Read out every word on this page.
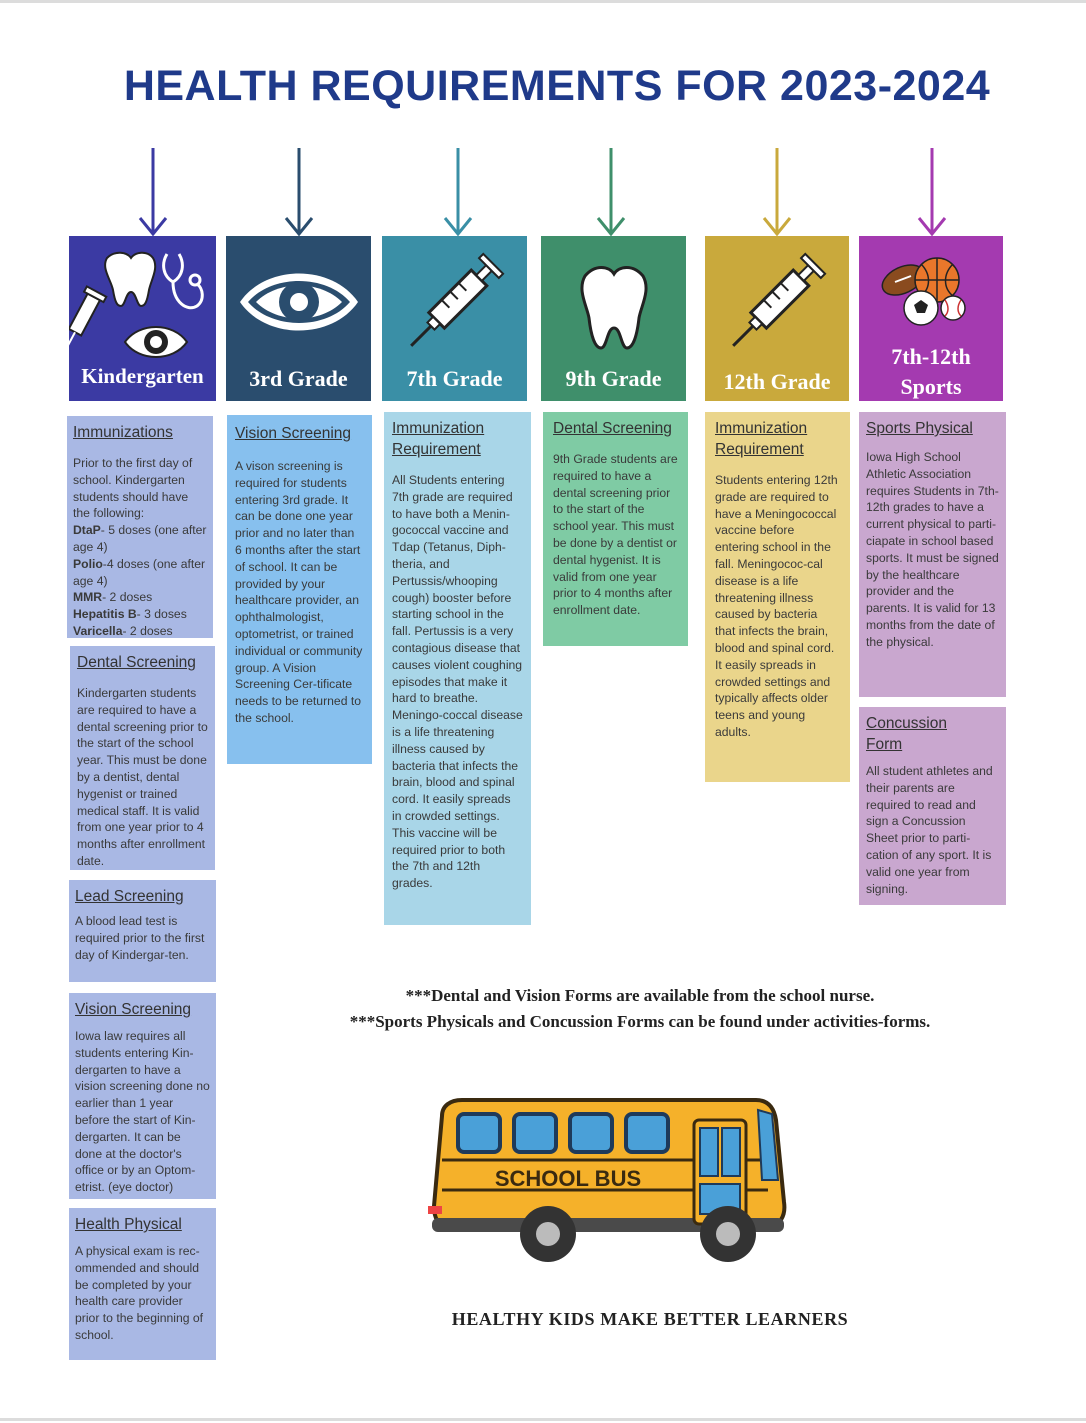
HEALTH REQUIREMENTS FOR 2023-2024
Kindergarten	3rd Grade	7th Grade	9th Grade	12th Grade
7th-12th
Sports
Immunizations
Prior to the first day of school. Kindergarten students should have the following:
DtaP- 5 doses (one after age 4)
Polio-4 doses (one after age 4)
MMR- 2 doses
Hepatitis B- 3 doses
Varicella- 2 doses
Dental Screening
Kindergarten students are required to have a dental screening prior to the start of the school year. This must be done by a dentist, dental hygenist or trained medical staff. It is valid from one year prior to 4 months after enrollment date.
Lead Screening
A blood lead test is required prior to the first day of Kindergar-ten.
Vision Screening
Iowa law requires all students entering Kin-dergarten to have a vision screening done no earlier than 1 year before the start of Kin-dergarten. It can be done at the doctor's office or by an Optom-etrist. (eye doctor)
Health Physical
A physical exam is rec-ommended and should be completed by your health care provider prior to the beginning of school.
Vision Screening
A vison screening is required for students entering 3rd grade. It can be done one year prior and no later than 6 months after the start of school. It can be provided by your healthcare provider, an ophthalmologist, optometrist, or trained individual or community group. A Vision Screening Cer-tificate needs to be returned to the school.
Immunization Requirement
All Students entering 7th grade are required to have both a Menin-gococcal vaccine and Tdap (Tetanus, Diph-theria, and Pertussis/whooping cough) booster before starting school in the fall. Pertussis is a very contagious disease that causes violent coughing episodes that make it hard to breathe. Meningo-coccal disease is a life threatening illness caused by bacteria that infects the brain, blood and spinal cord. It easily spreads in crowded settings. This vaccine will be required prior to both the 7th and 12th grades.
Dental Screening
9th Grade students are required to have a dental screening prior to the start of the school year. This must be done by a dentist or dental hygenist. It is valid from one year prior to 4 months after enrollment date.
Immunization Requirement
Students entering 12th grade are required to have a Meningococcal vaccine before entering school in the fall. Meningococ-cal disease is a life threatening illness caused by bacteria that infects the brain, blood and spinal cord. It easily spreads in crowded settings and typically affects older teens and young adults.
Sports Physical
Iowa High School Athletic Association requires Students in 7th-12th grades to have a current physical to parti-ciapate in school based sports. It must be signed by the healthcare provider and the parents. It is valid for 13 months from the date of the physical.
Concussion Form
All student athletes and their parents are required to read and sign a Concussion Sheet prior to parti-cation of any sport. It is valid one year from signing.
***Dental and Vision Forms are available from the school nurse.
***Sports Physicals and Concussion Forms can be found under activities-forms.
SCHOOL BUS
HEALTHY KIDS MAKE BETTER LEARNERS
